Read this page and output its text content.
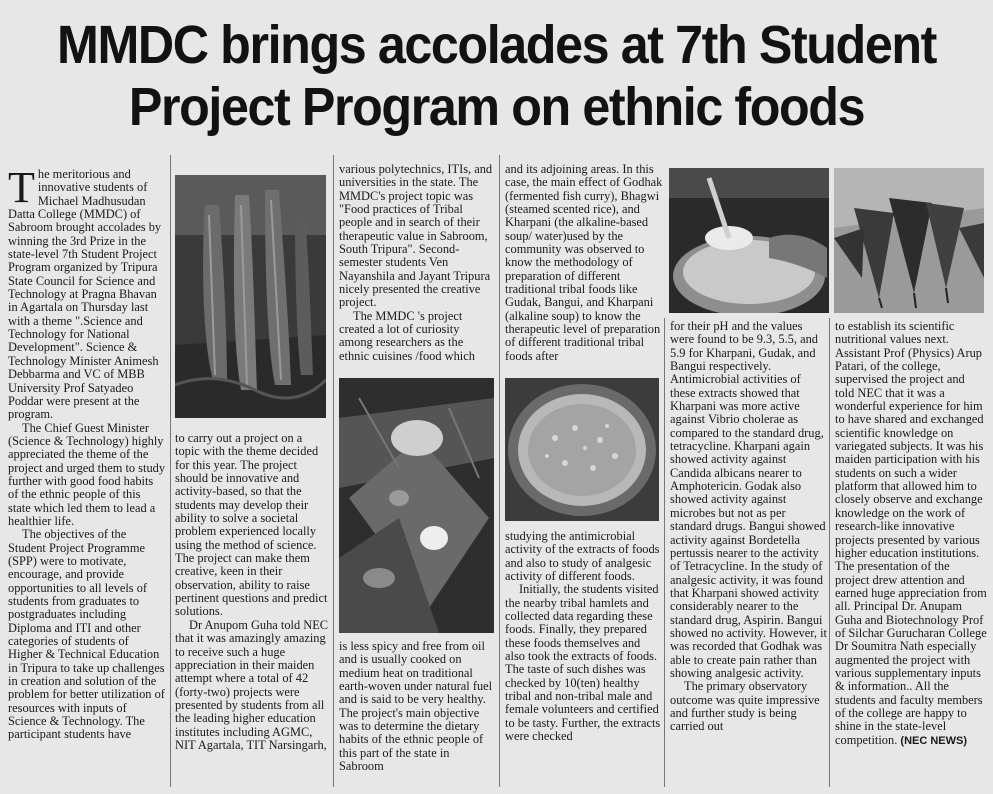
MMDC brings accolades at 7th Student
Project Program on ethnic foods

The meritorious and innovative students of Michael Madhusudan Datta College (MMDC) of Sabroom brought accolades by winning the 3rd Prize in the state-level 7th Student Project Program organized by Tripura State Council for Science and Technology at Pragna Bhavan in Agartala on Thursday last with a theme ".Science and Technology for National Development". Science & Technology Minister Animesh Debbarma and VC of MBB University Prof Satyadeo Poddar were present at the program.

The Chief Guest Minister (Science & Technology) highly appreciated the theme of the project and urged them to study further with good food habits of the ethnic people of this state which led them to lead a healthier life.

The objectives of the Student Project Programme (SPP) were to motivate, encourage, and provide opportunities to all levels of students from graduates to postgraduates including Diploma and ITI and other categories of students of Higher & Technical Education in Tripura to take up challenges in creation and solution of the problem for better utilization of resources with inputs of Science & Technology. The participant students have

to carry out a project on a topic with the theme decided for this year. The project should be innovative and activity-based, so that the students may develop their ability to solve a societal problem experienced locally using the method of science. The project can make them creative, keen in their observation, ability to raise pertinent questions and predict solutions.

Dr Anupom Guha told NEC that it was amazingly amazing to receive such a huge appreciation in their maiden attempt where a total of 42 (forty-two) projects were presented by students from all the leading higher education institutes including AGMC, NIT Agartala, TIT Narsingarh,

various polytechnics, ITIs, and universities in the state. The MMDC's project topic was "Food practices of Tribal people and in search of their therapeutic value in Sabroom, South Tripura". Second-semester students Ven Nayanshila and Jayant Tripura nicely presented the creative project.

The MMDC 's project created a lot of curiosity among researchers as the ethnic cuisines /food which

is less spicy and free from oil and is usually cooked on medium heat on traditional earth-woven under natural fuel and is said to be very healthy. The project's main objective was to determine the dietary habits of the ethnic people of this part of the state in Sabroom

and its adjoining areas. In this case, the main effect of Godhak (fermented fish curry), Bhagwi (steamed scented rice), and Kharpani (the alkaline-based soup/ water)used by the community was observed to know the methodology of preparation of different traditional tribal foods like Gudak, Bangui, and Kharpani (alkaline soup) to know the therapeutic level of preparation of different traditional tribal foods after

studying the antimicrobial activity of the extracts of foods and also to study of analgesic activity of different foods.

Initially, the students visited the nearby tribal hamlets and collected data regarding these foods. Finally, they prepared these foods themselves and also took the extracts of foods. The taste of such dishes was checked by 10(ten) healthy tribal and non-tribal male and female volunteers and certified to be tasty. Further, the extracts were checked

for their pH and the values were found to be 9.3, 5.5, and 5.9 for Kharpani, Gudak, and Bangui respectively. Antimicrobial activities of these extracts showed that Kharpani was more active against Vibrio cholerae as compared to the standard drug, tetracycline. Kharpani again showed activity against Candida albicans nearer to Amphotericin. Godak also showed activity against microbes but not as per standard drugs. Bangui showed activity against Bordetella pertussis nearer to the activity of Tetracycline. In the study of analgesic activity, it was found that Kharpani showed activity considerably nearer to the standard drug, Aspirin. Bangui showed no activity. However, it was recorded that Godhak was able to create pain rather than showing analgesic activity.

The primary observatory outcome was quite impressive and further study is being carried out

to establish its scientific nutritional values next. Assistant Prof (Physics) Arup Patari, of the college, supervised the project and told NEC that it was a wonderful experience for him to have shared and exchanged scientific knowledge on variegated subjects. It was his maiden participation with his students on such a wider platform that allowed him to closely observe and exchange knowledge on the work of research-like innovative projects presented by various higher education institutions. The presentation of the project drew attention and earned huge appreciation from all. Principal Dr. Anupam Guha and Biotechnology Prof of Silchar Gurucharan College Dr Soumitra Nath especially augmented the project with various supplementary inputs & information.. All the students and faculty members of the college are happy to shine in the state-level competition. (NEC NEWS)
